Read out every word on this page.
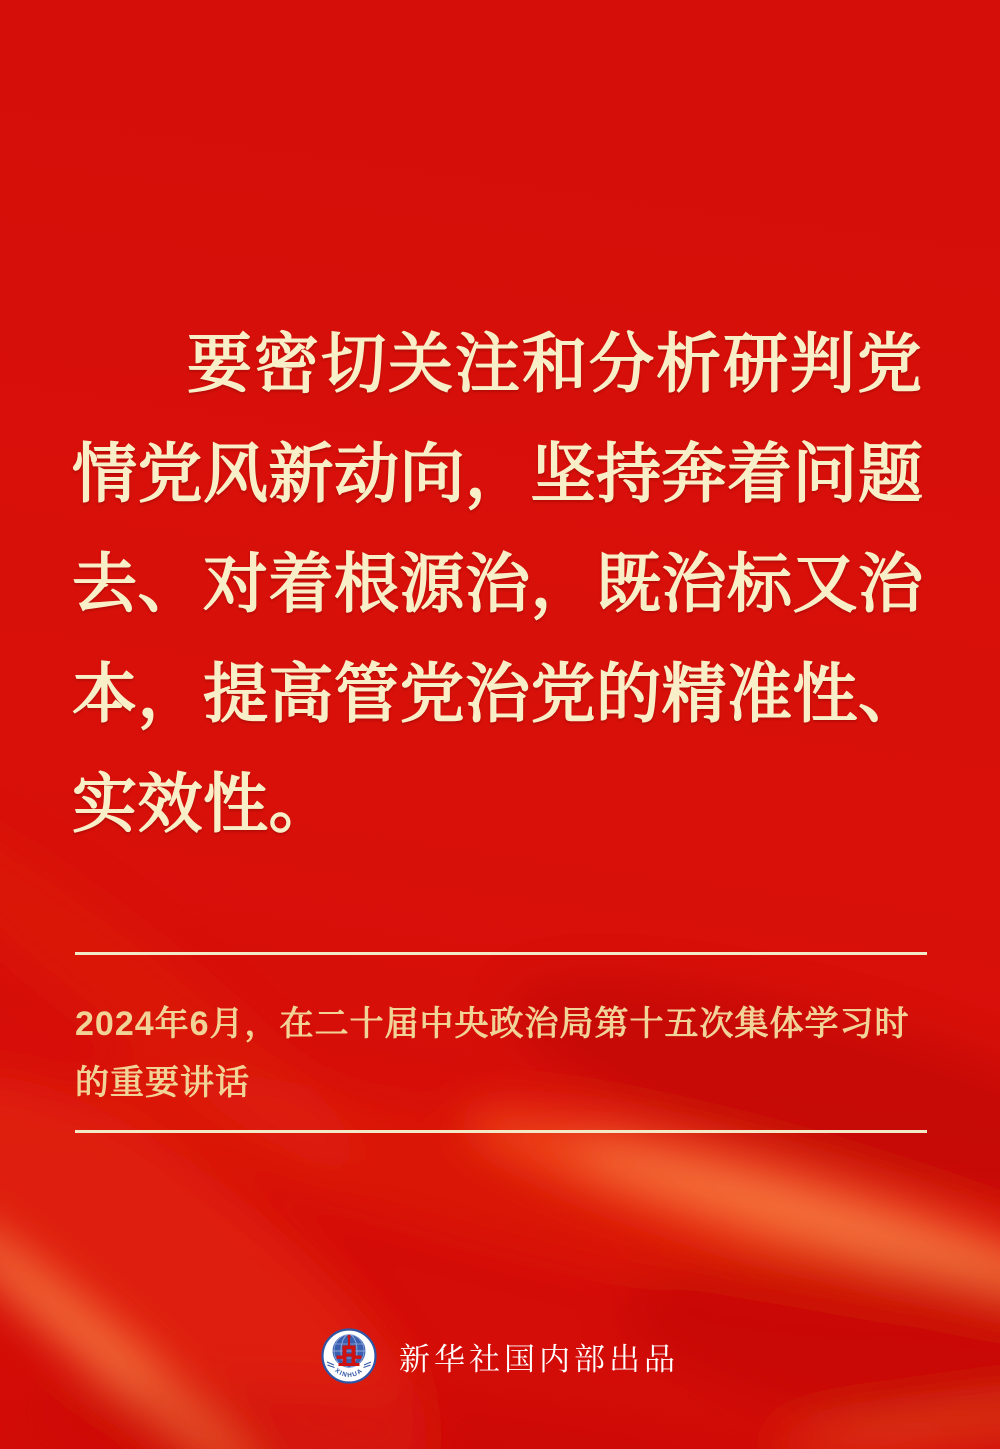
要密切关注和分析研判党
情党风新动向，坚持奔着问题
去、对着根源治，既治标又治
本，提高管党治党的精准性、
实效性。
2024年6月，在二十届中央政治局第十五次集体学习时
的重要讲话
XINHUA 新华社国内部出品
